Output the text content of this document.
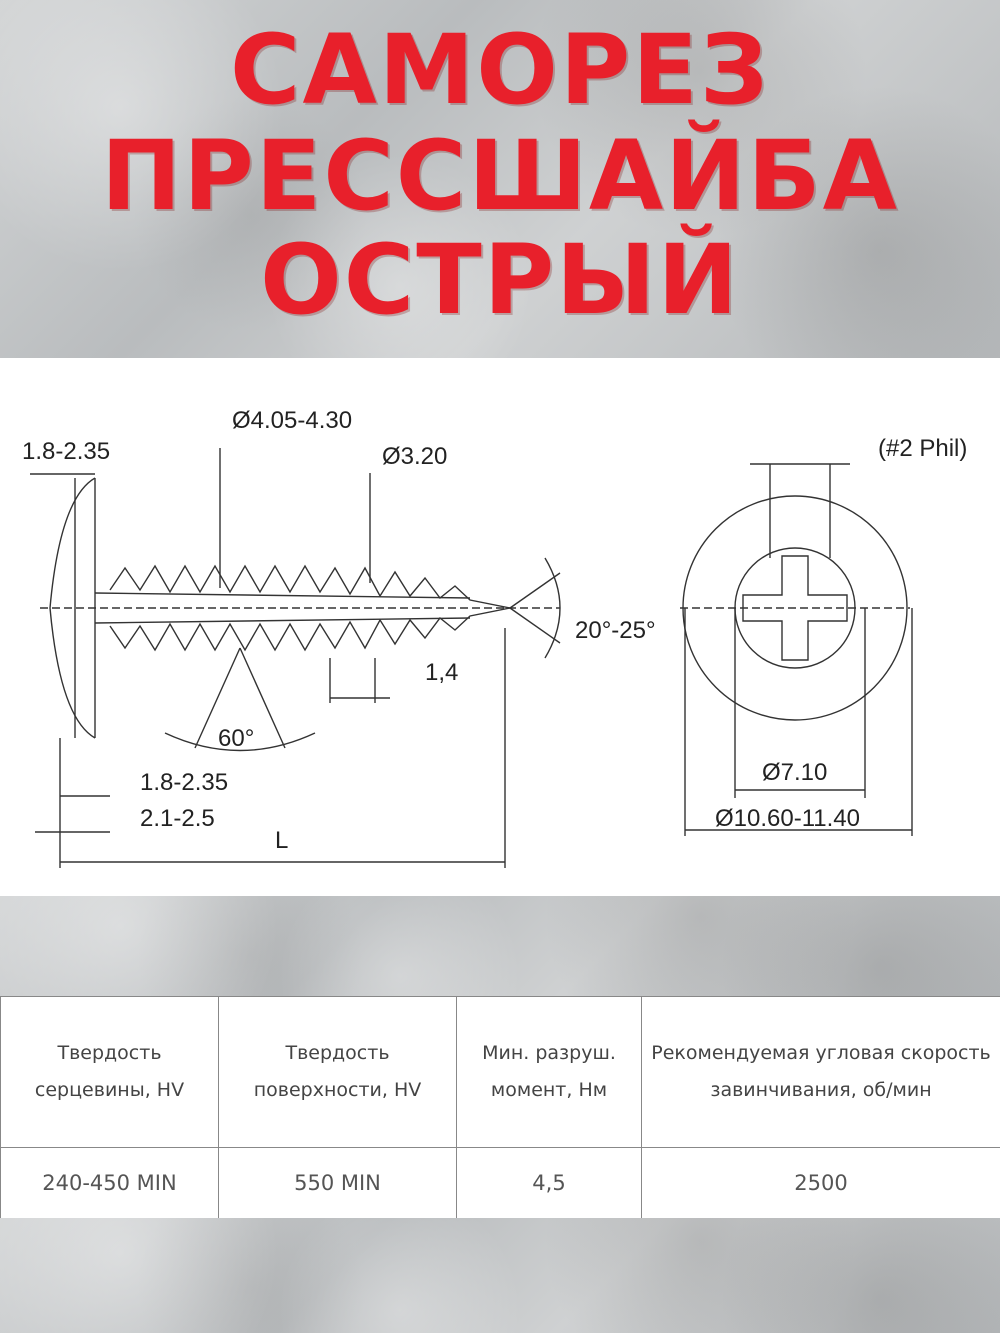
САМОРЕЗ
ПРЕССШАЙБА
ОСТРЫЙ
1.8-2.35
Ø4.05-4.30
Ø3.20	(#2 Phil)
20°-25°
1,4
60°
1.8-2.35
2.1-2.5
L
Ø7.10
Ø10.60-11.40
Твердость серцевины, HV	Твердость поверхности, HV	Мин. разруш. момент, Нм	Рекомендуемая угловая скорость завинчивания, об/мин
240-450 MIN	550 MIN	4,5	2500
